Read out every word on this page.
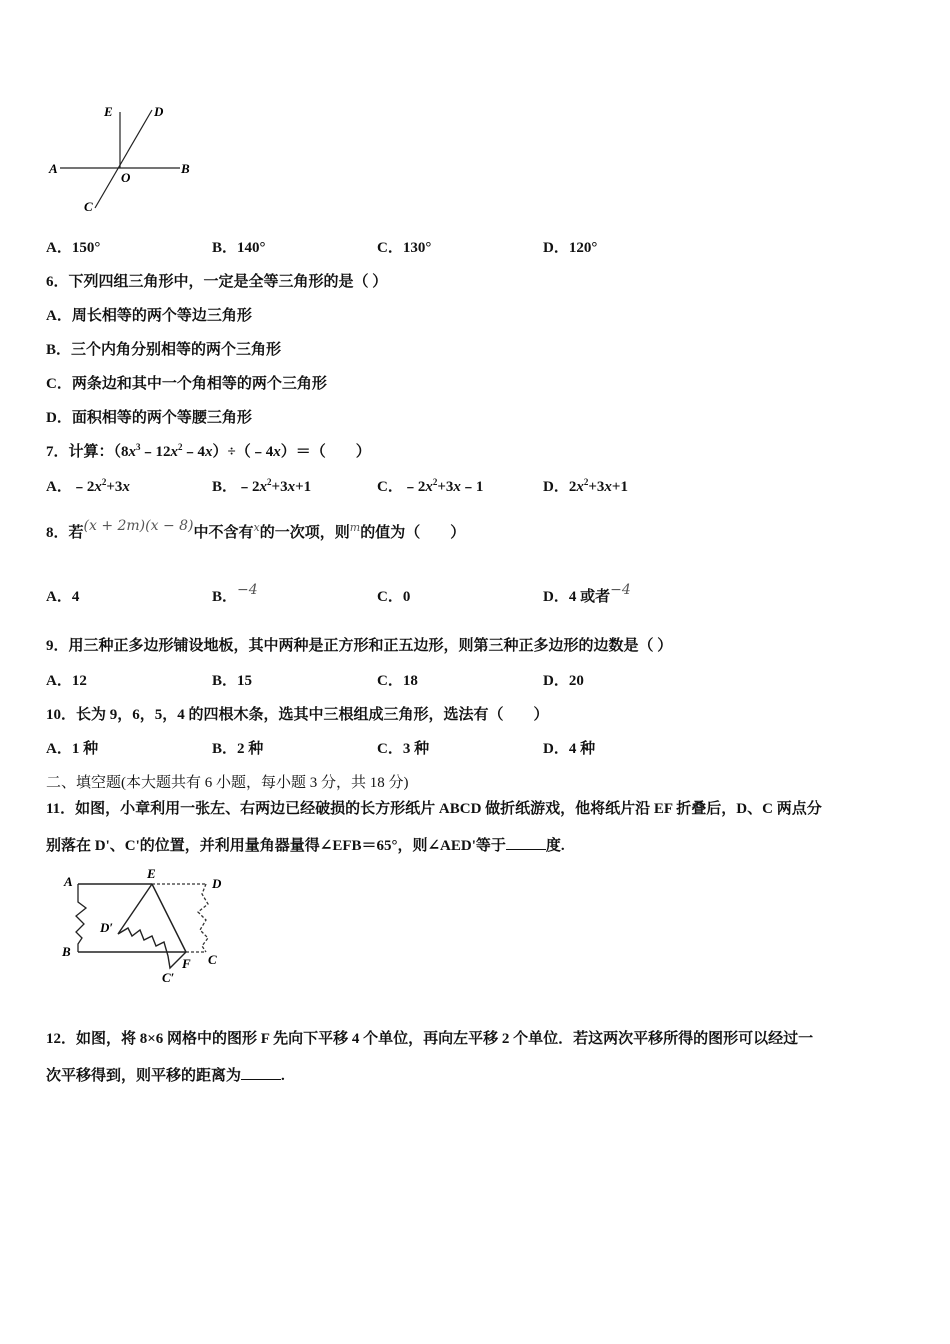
E	D
A
O
B
C
A．150°	B．140°	C．130°	D．120°
6．下列四组三角形中，一定是全等三角形的是（ ）
A．周长相等的两个等边三角形
B．三个内角分别相等的两个三角形
C．两条边和其中一个角相等的两个三角形
D．面积相等的两个等腰三角形
7．计算：$(8x^3﹣12x^2﹣4x)\div(﹣4x)=$（　　）
A．$﹣2x^2+3x$	B．$﹣2x^2+3x+1$	C．$﹣2x^2+3x﹣1$	D．$2x^2+3x+1$
8．若(x + 2m)(x − 8)中不含有$^x$的一次项，则$^m$的值为（　　）
A．4	B．−4	C．0	D．4 或者−4
9．用三种正多边形铺设地板，其中两种是正方形和正五边形，则第三种正多边形的边数是（ ）
A．12	B．15	C．18	D．20
10．长为 9，6，5，4 的四根木条，选其中三根组成三角形，选法有（　　）
A．1 种	B．2 种	C．3 种	D．4 种
二、填空题(本大题共有 6 小题，每小题 3 分，共 18 分)
11．如图，小章利用一张左、右两边已经破损的长方形纸片 ABCD 做折纸游戏，他将纸片沿 EF 折叠后，D、C 两点分
别落在 D'、C'的位置，并利用量角器量得∠EFB＝65°，则∠AED'等于	度.
A
E
D
D′
B
F C
C′
12．如图，将 8×6 网格中的图形 F 先向下平移 4 个单位，再向左平移 2 个单位．若这两次平移所得的图形可以经过一
次平移得到，则平移的距离为	.
